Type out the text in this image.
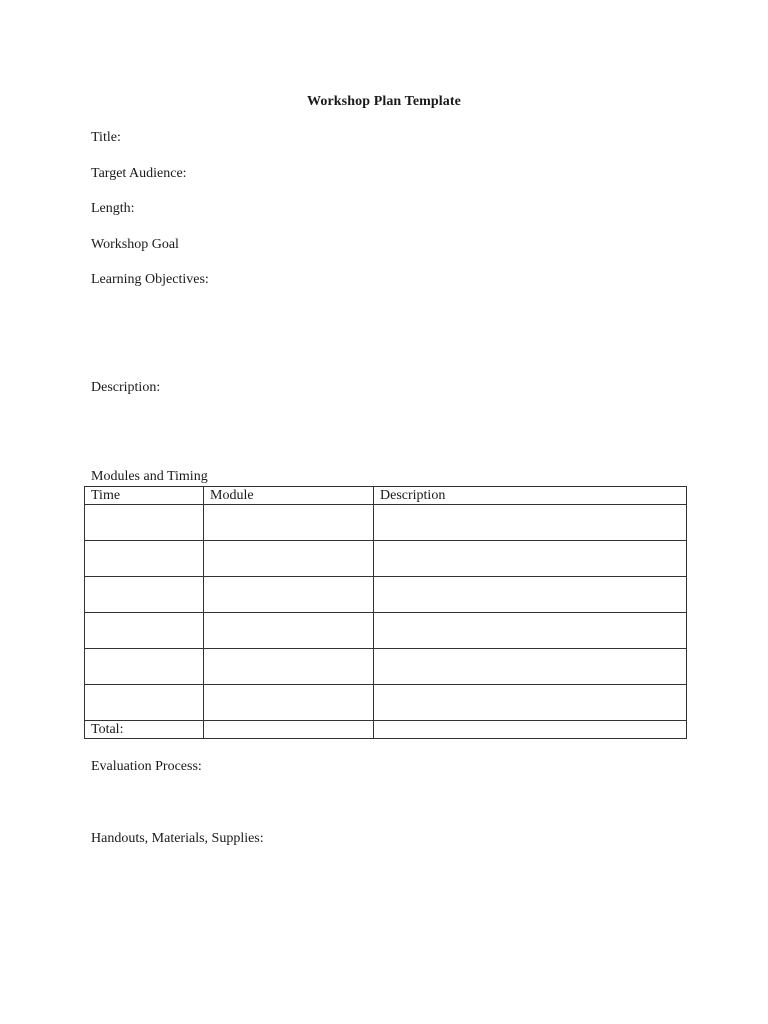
Workshop Plan Template
Title:
Target Audience:
Length:
Workshop Goal
Learning Objectives:
Description:
Modules and Timing
Time	Module	Description

Total:		
Evaluation Process:
Handouts, Materials, Supplies:
